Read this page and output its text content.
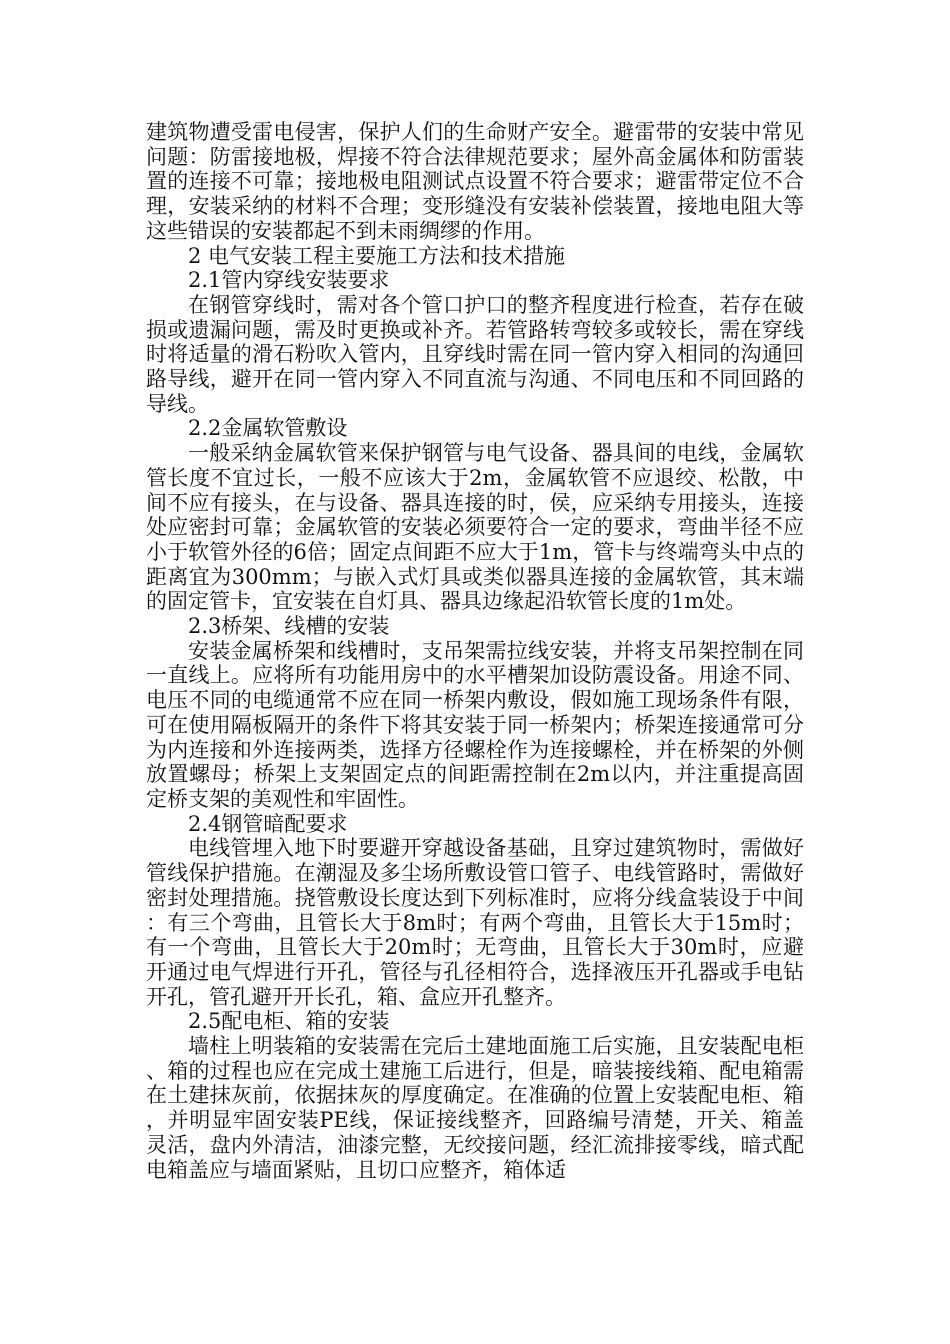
建筑物遭受雷电侵害，保护人们的生命财产安全。避雷带的安装中常见问题：防雷接地极，焊接不符合法律规范要求；屋外高金属体和防雷装置的连接不可靠；接地极电阻测试点设置不符合要求；避雷带定位不合理，安装采纳的材料不合理；变形缝没有安装补偿装置，接地电阻大等这些错误的安装都起不到未雨绸缪的作用。

2 电气安装工程主要施工方法和技术措施

2.1管内穿线安装要求

在钢管穿线时，需对各个管口护口的整齐程度进行检查，若存在破损或遗漏问题，需及时更换或补齐。若管路转弯较多或较长，需在穿线时将适量的滑石粉吹入管内，且穿线时需在同一管内穿入相同的沟通回路导线，避开在同一管内穿入不同直流与沟通、不同电压和不同回路的导线。

2.2金属软管敷设

一般采纳金属软管来保护钢管与电气设备、器具间的电线，金属软管长度不宜过长，一般不应该大于2m，金属软管不应退绞、松散，中间不应有接头，在与设备、器具连接的时，侯，应采纳专用接头，连接处应密封可靠；金属软管的安装必须要符合一定的要求，弯曲半径不应小于软管外径的6倍；固定点间距不应大于1m，管卡与终端弯头中点的距离宜为300mm；与嵌入式灯具或类似器具连接的金属软管，其末端的固定管卡，宜安装在自灯具、器具边缘起沿软管长度的1m处。

2.3桥架、线槽的安装

安装金属桥架和线槽时，支吊架需拉线安装，并将支吊架控制在同一直线上。应将所有功能用房中的水平槽架加设防震设备。用途不同、电压不同的电缆通常不应在同一桥架内敷设，假如施工现场条件有限，可在使用隔板隔开的条件下将其安装于同一桥架内；桥架连接通常可分为内连接和外连接两类，选择方径螺栓作为连接螺栓，并在桥架的外侧放置螺母；桥架上支架固定点的间距需控制在2m以内，并注重提高固定桥支架的美观性和牢固性。

2.4钢管暗配要求

电线管埋入地下时要避开穿越设备基础，且穿过建筑物时，需做好管线保护措施。在潮湿及多尘场所敷设管口管子、电线管路时，需做好密封处理措施。挠管敷设长度达到下列标准时，应将分线盒装设于中间：有三个弯曲，且管长大于8m时；有两个弯曲，且管长大于15m时；有一个弯曲，且管长大于20m时；无弯曲，且管长大于30m时，应避开通过电气焊进行开孔，管径与孔径相符合，选择液压开孔器或手电钻开孔，管孔避开开长孔，箱、盒应开孔整齐。

2.5配电柜、箱的安装

墙柱上明装箱的安装需在完后土建地面施工后实施，且安装配电柜、箱的过程也应在完成土建施工后进行，但是，暗装接线箱、配电箱需在土建抹灰前，依据抹灰的厚度确定。在准确的位置上安装配电柜、箱，并明显牢固安装PE线，保证接线整齐，回路编号清楚，开关、箱盖灵活，盘内外清洁，油漆完整，无绞接问题，经汇流排接零线，暗式配电箱盖应与墙面紧贴，且切口应整齐，箱体适
